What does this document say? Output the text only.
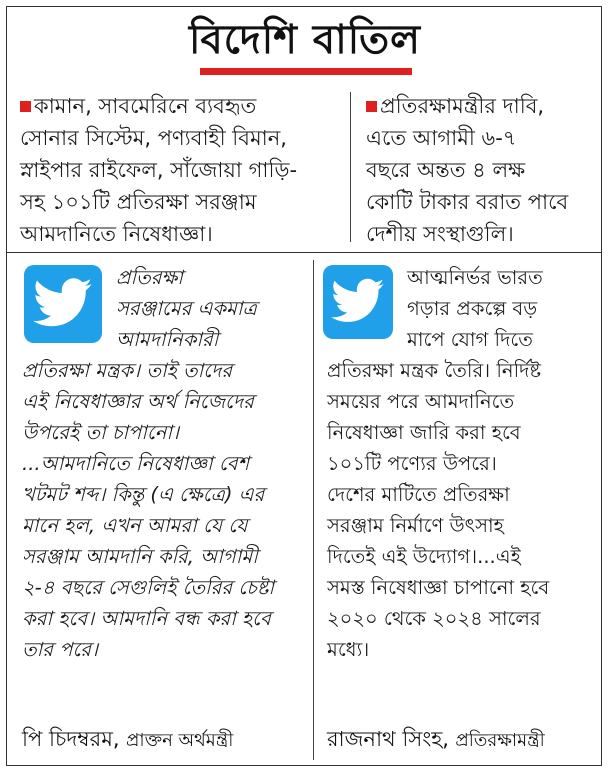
বিদেশি বাতিল
কামান, সাবমেরিনে ব্যবহৃত
সোনার সিস্টেম, পণ্যবাহী বিমান,
স্নাইপার রাইফেল, সাঁজোয়া গাড়ি-
সহ ১০১টি প্রতিরক্ষা সরঞ্জাম
আমদানিতে নিষেধাজ্ঞা।
প্রতিরক্ষামন্ত্রীর দাবি,
এতে আগামী ৬-৭
বছরে অন্তত ৪ লক্ষ
কোটি টাকার বরাত পাবে
দেশীয় সংস্থাগুলি।
প্রতিরক্ষা
সরঞ্জামের একমাত্র
আমদানিকারী
প্রতিরক্ষা মন্ত্রক। তাই তাদের
এই নিষেধাজ্ঞার অর্থ নিজেদের
উপরেই তা চাপানো।
...আমদানিতে নিষেধাজ্ঞা বেশ
খটমট শব্দ। কিন্তু (এ ক্ষেত্রে) এর
মানে হল, এখন আমরা যে যে
সরঞ্জাম আমদানি করি, আগামী
২-৪ বছরে সেগুলিই তৈরির চেষ্টা
করা হবে। আমদানি বন্ধ করা হবে
তার পরে।
পি চিদম্বরম, প্রাক্তন অর্থমন্ত্রী
আত্মনির্ভর ভারত
গড়ার প্রকল্পে বড়
মাপে যোগ দিতে
প্রতিরক্ষা মন্ত্রক তৈরি। নির্দিষ্ট
সময়ের পরে আমদানিতে
নিষেধাজ্ঞা জারি করা হবে
১০১টি পণ্যের উপরে।
দেশের মাটিতে প্রতিরক্ষা
সরঞ্জাম নির্মাণে উৎসাহ
দিতেই এই উদ্যোগ।...এই
সমস্ত নিষেধাজ্ঞা চাপানো হবে
২০২০ থেকে ২০২৪ সালের
মধ্যে।
রাজনাথ সিংহ, প্রতিরক্ষামন্ত্রী
